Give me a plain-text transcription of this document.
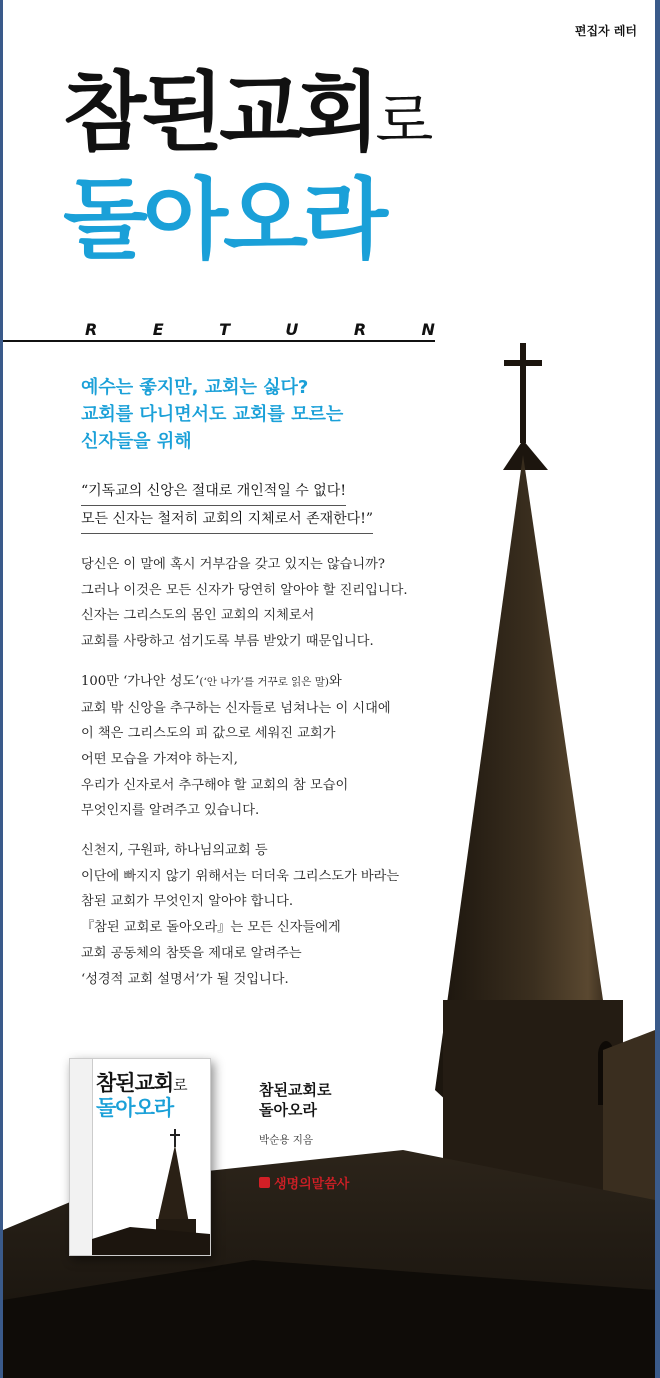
편집자 레터
참된교회로
돌아오라
R	E	T	U	R	N
예수는 좋지만, 교회는 싫다?
교회를 다니면서도 교회를 모르는
신자들을 위해
“기독교의 신앙은 절대로 개인적일 수 없다!
모든 신자는 철저히 교회의 지체로서 존재한다!”
당신은 이 말에 혹시 거부감을 갖고 있지는 않습니까?
그러나 이것은 모든 신자가 당연히 알아야 할 진리입니다.
신자는 그리스도의 몸인 교회의 지체로서
교회를 사랑하고 섬기도록 부름 받았기 때문입니다.
100만 ‘가나안 성도’(‘안 나가’를 거꾸로 읽은 말)와
교회 밖 신앙을 추구하는 신자들로 넘쳐나는 이 시대에
이 책은 그리스도의 피 값으로 세워진 교회가
어떤 모습을 가져야 하는지,
우리가 신자로서 추구해야 할 교회의 참 모습이
무엇인지를 알려주고 있습니다.
신천지, 구원파, 하나님의교회 등
이단에 빠지지 않기 위해서는 더더욱 그리스도가 바라는
참된 교회가 무엇인지 알아야 합니다.
『참된 교회로 돌아오라』는 모든 신자들에게
교회 공동체의 참뜻을 제대로 알려주는
‘성경적 교회 설명서’가 될 것입니다.
참된교회로
돌아오라
참된교회로
돌아오라
박순용 지음
생명의말씀사
